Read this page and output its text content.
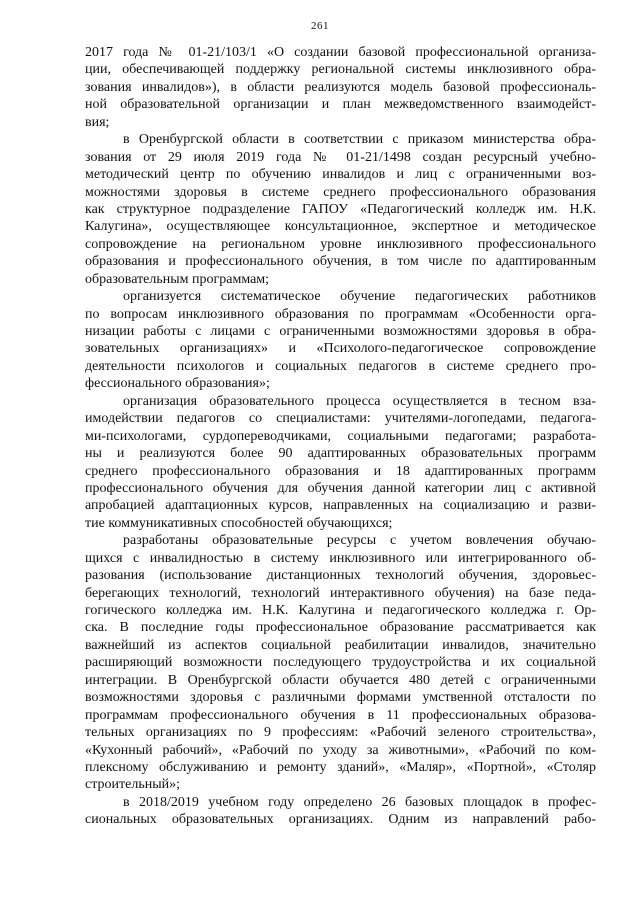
261
2017 года № 01-21/103/1 «О создании базовой профессиональной организа-
ции, обеспечивающей поддержку региональной системы инклюзивного обра-
зования инвалидов»), в области реализуются модель базовой профессиональ-
ной образовательной организации и план межведомственного взаимодейст-
вия;
в Оренбургской области в соответствии с приказом министерства обра-
зования от 29 июля 2019 года № 01-21/1498 создан ресурсный учебно-
методический центр по обучению инвалидов и лиц с ограниченными воз-
можностями здоровья в системе среднего профессионального образования
как структурное подразделение ГАПОУ «Педагогический колледж им. Н.К.
Калугина», осуществляющее консультационное, экспертное и методическое
сопровождение на региональном уровне инклюзивного профессионального
образования и профессионального обучения, в том числе по адаптированным
образовательным программам;
организуется систематическое обучение педагогических работников
по вопросам инклюзивного образования по программам «Особенности орга-
низации работы с лицами с ограниченными возможностями здоровья в обра-
зовательных организациях» и «Психолого-педагогическое сопровождение
деятельности психологов и социальных педагогов в системе среднего про-
фессионального образования»;
организация образовательного процесса осуществляется в тесном вза-
имодействии педагогов со специалистами: учителями-логопедами, педагога-
ми-психологами, сурдопереводчиками, социальными педагогами; разработа-
ны и реализуются более 90 адаптированных образовательных программ
среднего профессионального образования и 18 адаптированных программ
профессионального обучения для обучения данной категории лиц с активной
апробацией адаптационных курсов, направленных на социализацию и разви-
тие коммуникативных способностей обучающихся;
разработаны образовательные ресурсы с учетом вовлечения обучаю-
щихся с инвалидностью в систему инклюзивного или интегрированного об-
разования (использование дистанционных технологий обучения, здоровьес-
берегающих технологий, технологий интерактивного обучения) на базе педа-
гогического колледжа им. Н.К. Калугина и педагогического колледжа г. Ор-
ска. В последние годы профессиональное образование рассматривается как
важнейший из аспектов социальной реабилитации инвалидов, значительно
расширяющий возможности последующего трудоустройства и их социальной
интеграции. В Оренбургской области обучается 480 детей с ограниченными
возможностями здоровья с различными формами умственной отсталости по
программам профессионального обучения в 11 профессиональных образова-
тельных организациях по 9 профессиям: «Рабочий зеленого строительства»,
«Кухонный рабочий», «Рабочий по уходу за животными», «Рабочий по ком-
плексному обслуживанию и ремонту зданий», «Маляр», «Портной», «Столяр
строительный»;
в 2018/2019 учебном году определено 26 базовых площадок в профес-
сиональных образовательных организациях. Одним из направлений рабо-
